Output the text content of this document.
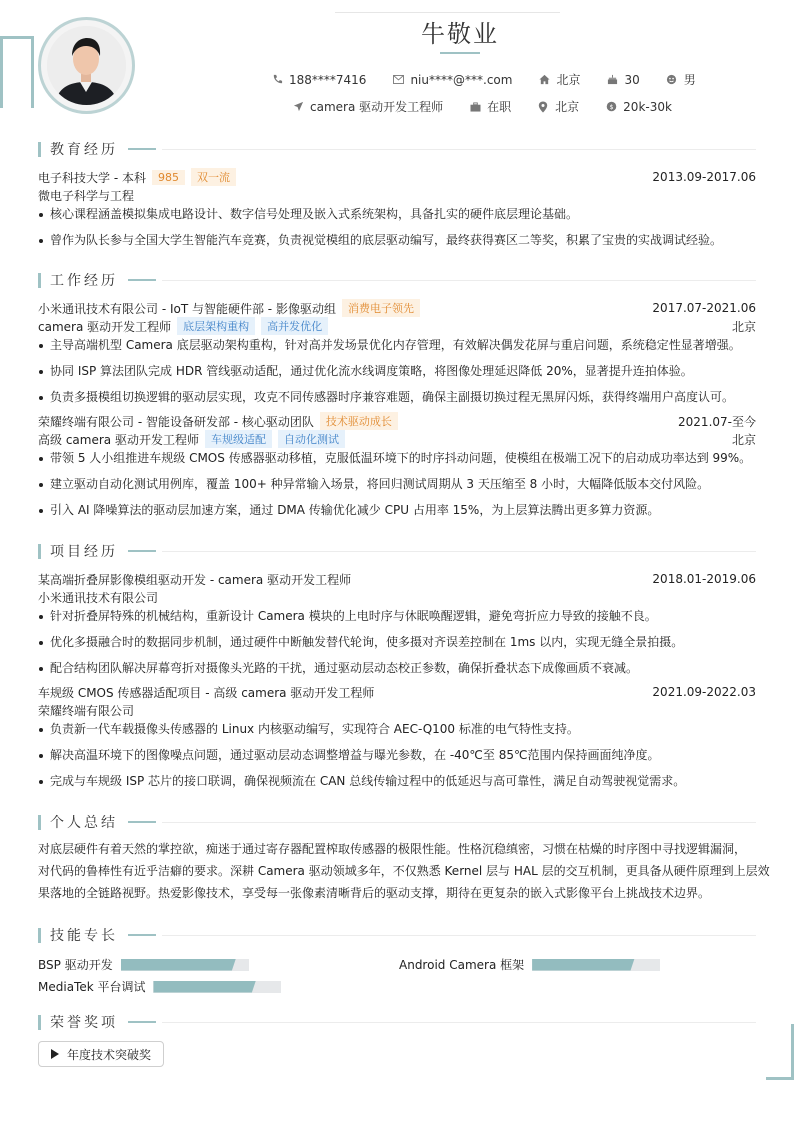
牛敬业
188****7416	niu****@***.com	北京	30	男
camera 驱动开发工程师	在职	北京	$ 20k-30k
教育经历
电子科技大学 - 本科	985	双一流	2013.09-2017.06
微电子科学与工程
核心课程涵盖模拟集成电路设计、数字信号处理及嵌入式系统架构，具备扎实的硬件底层理论基础。
曾作为队长参与全国大学生智能汽车竞赛，负责视觉模组的底层驱动编写，最终获得赛区二等奖，积累了宝贵的实战调试经验。
工作经历
小米通讯技术有限公司 - IoT 与智能硬件部 - 影像驱动组	消费电子领先	2017.07-2021.06
camera 驱动开发工程师	底层架构重构	高并发优化	北京
主导高端机型 Camera 底层驱动架构重构，针对高并发场景优化内存管理，有效解决偶发花屏与重启问题，系统稳定性显著增强。
协同 ISP 算法团队完成 HDR 管线驱动适配，通过优化流水线调度策略，将图像处理延迟降低 20%，显著提升连拍体验。
负责多摄模组切换逻辑的驱动层实现，攻克不同传感器时序兼容难题，确保主副摄切换过程无黑屏闪烁，获得终端用户高度认可。
荣耀终端有限公司 - 智能设备研发部 - 核心驱动团队	技术驱动成长	2021.07-至今
高级 camera 驱动开发工程师	车规级适配	自动化测试	北京
带领 5 人小组推进车规级 CMOS 传感器驱动移植，克服低温环境下的时序抖动问题，使模组在极端工况下的启动成功率达到 99%。
建立驱动自动化测试用例库，覆盖 100+ 种异常输入场景，将回归测试周期从 3 天压缩至 8 小时，大幅降低版本交付风险。
引入 AI 降噪算法的驱动层加速方案，通过 DMA 传输优化减少 CPU 占用率 15%，为上层算法腾出更多算力资源。
项目经历
某高端折叠屏影像模组驱动开发 - camera 驱动开发工程师	2018.01-2019.06
小米通讯技术有限公司
针对折叠屏特殊的机械结构，重新设计 Camera 模块的上电时序与休眠唤醒逻辑，避免弯折应力导致的接触不良。
优化多摄融合时的数据同步机制，通过硬件中断触发替代轮询，使多摄对齐误差控制在 1ms 以内，实现无缝全景拍摄。
配合结构团队解决屏幕弯折对摄像头光路的干扰，通过驱动层动态校正参数，确保折叠状态下成像画质不衰减。
车规级 CMOS 传感器适配项目 - 高级 camera 驱动开发工程师	2021.09-2022.03
荣耀终端有限公司
负责新一代车载摄像头传感器的 Linux 内核驱动编写，实现符合 AEC-Q100 标准的电气特性支持。
解决高温环境下的图像噪点问题，通过驱动层动态调整增益与曝光参数，在 -40℃至 85℃范围内保持画面纯净度。
完成与车规级 ISP 芯片的接口联调，确保视频流在 CAN 总线传输过程中的低延迟与高可靠性，满足自动驾驶视觉需求。
个人总结
对底层硬件有着天然的掌控欲，痴迷于通过寄存器配置榨取传感器的极限性能。性格沉稳缜密，习惯在枯燥的时序图中寻找逻辑漏洞，
对代码的鲁棒性有近乎洁癖的要求。深耕 Camera 驱动领域多年，不仅熟悉 Kernel 层与 HAL 层的交互机制，更具备从硬件原理到上层效
果落地的全链路视野。热爱影像技术，享受每一张像素清晰背后的驱动支撑，期待在更复杂的嵌入式影像平台上挑战技术边界。
技能专长
BSP 驱动开发	Android Camera 框架
MediaTek 平台调试
荣誉奖项
年度技术突破奖
